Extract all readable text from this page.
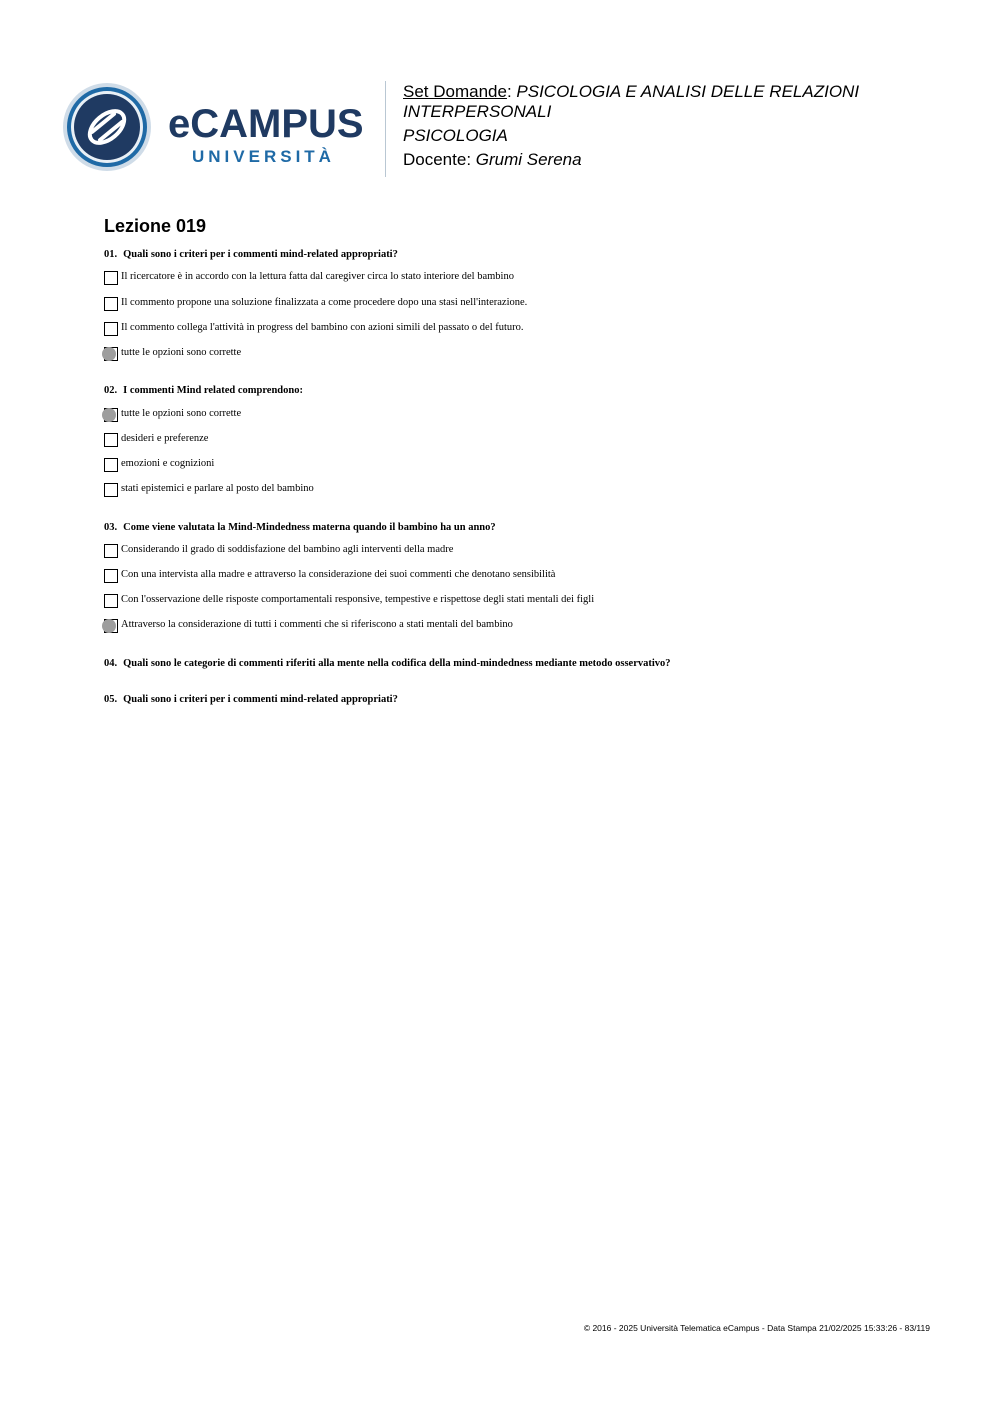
eCAMPUS
UNIVERSITÀ

Set Domande: PSICOLOGIA E ANALISI DELLE RELAZIONI

INTERPERSONALI

PSICOLOGIA

Docente: Grumi Serena

Lezione 019

01. Quali sono i criteri per i commenti mind-related appropriati?

Il ricercatore è in accordo con la lettura fatta dal caregiver circa lo stato interiore del bambino
Il commento propone una soluzione finalizzata a come procedere dopo una stasi nell'interazione.
Il commento collega l'attività in progress del bambino con azioni simili del passato o del futuro.
tutte le opzioni sono corrette

02. I commenti Mind related comprendono:

tutte le opzioni sono corrette
desideri e preferenze
emozioni e cognizioni
stati epistemici e parlare al posto del bambino

03. Come viene valutata la Mind-Mindedness materna quando il bambino ha un anno?

Considerando il grado di soddisfazione del bambino agli interventi della madre
Con una intervista alla madre e attraverso la considerazione dei suoi commenti che denotano sensibilità
Con l'osservazione delle risposte comportamentali responsive, tempestive e rispettose degli stati mentali dei figli
Attraverso la considerazione di tutti i commenti che si riferiscono a stati mentali del bambino

04. Quali sono le categorie di commenti riferiti alla mente nella codifica della mind-mindedness mediante metodo osservativo?

05. Quali sono i criteri per i commenti mind-related appropriati?

© 2016 - 2025 Università Telematica eCampus - Data Stampa 21/02/2025 15:33:26 - 83/119
